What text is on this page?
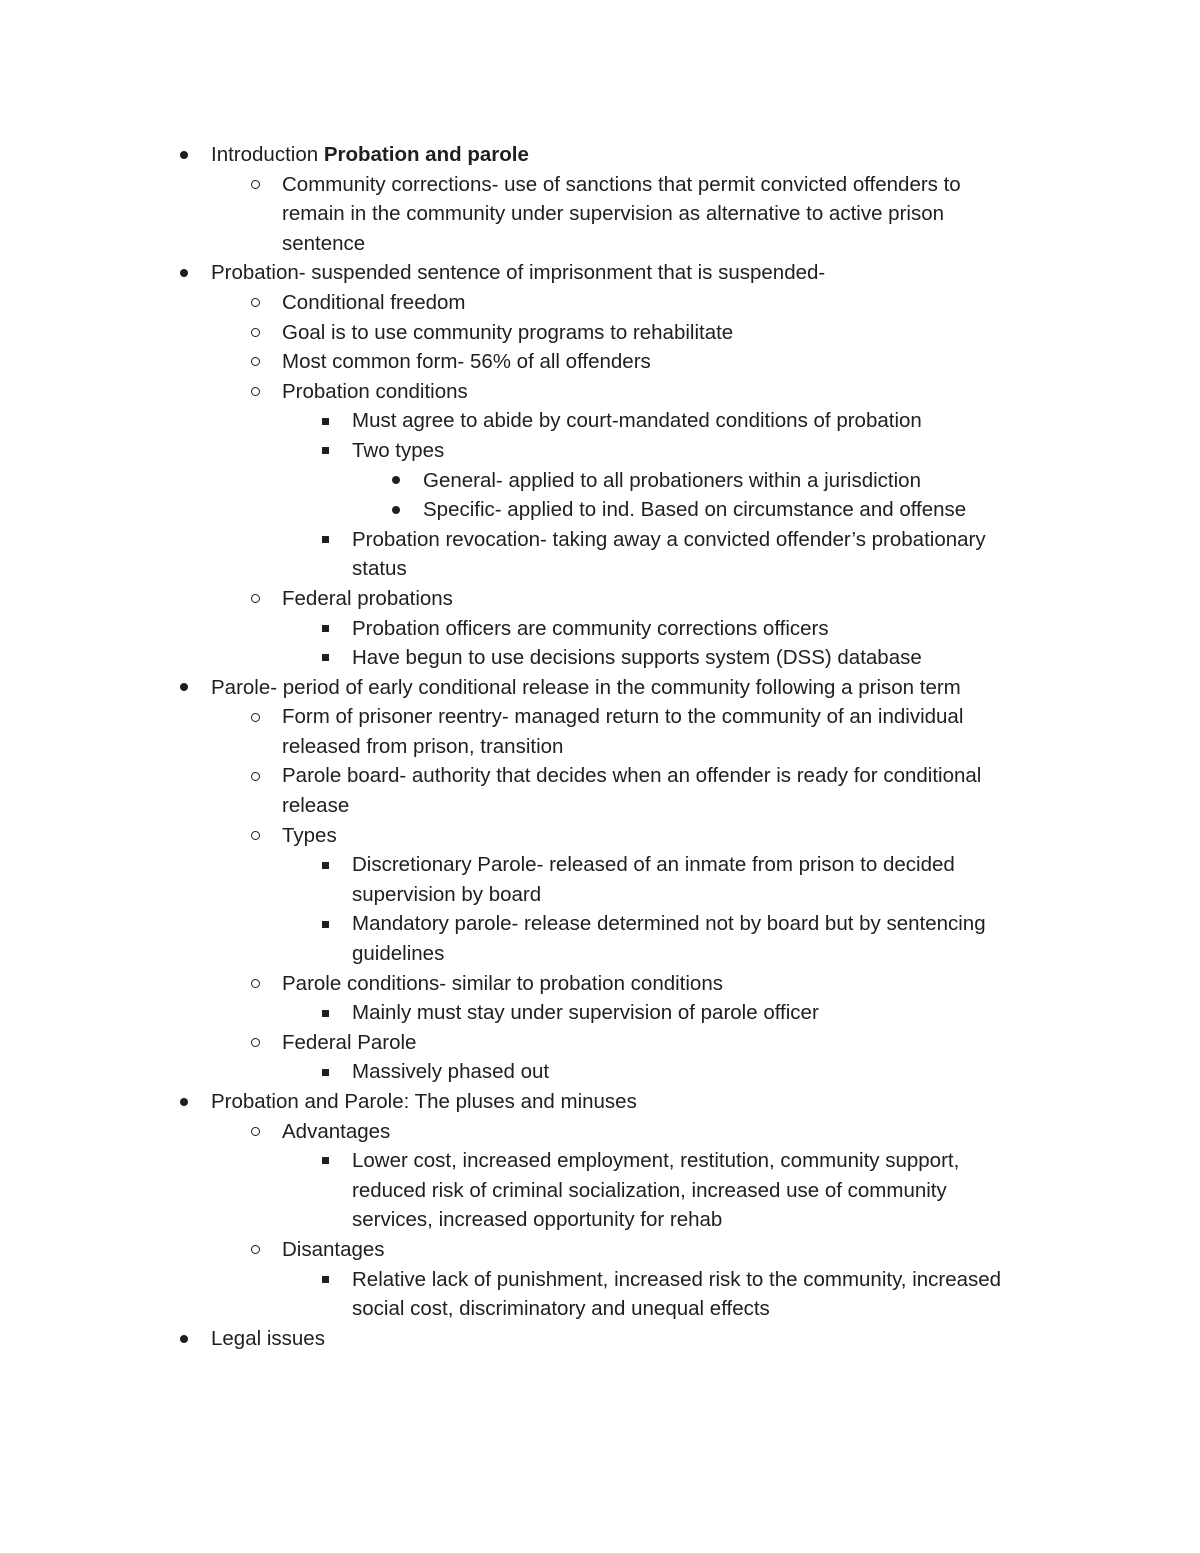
Introduction Probation and parole
Community corrections- use of sanctions that permit convicted offenders to
remain in the community under supervision as alternative to active prison
sentence
Probation- suspended sentence of imprisonment that is suspended-
Conditional freedom
Goal is to use community programs to rehabilitate
Most common form- 56% of all offenders
Probation conditions
Must agree to abide by court-mandated conditions of probation
Two types
General- applied to all probationers within a jurisdiction
Specific- applied to ind. Based on circumstance and offense
Probation revocation- taking away a convicted offender’s probationary
status
Federal probations
Probation officers are community corrections officers
Have begun to use decisions supports system (DSS) database
Parole- period of early conditional release in the community following a prison term
Form of prisoner reentry- managed return to the community of an individual
released from prison, transition
Parole board- authority that decides when an offender is ready for conditional
release
Types
Discretionary Parole- released of an inmate from prison to decided
supervision by board
Mandatory parole- release determined not by board but by sentencing
guidelines
Parole conditions- similar to probation conditions
Mainly must stay under supervision of parole officer
Federal Parole
Massively phased out
Probation and Parole: The pluses and minuses
Advantages
Lower cost, increased employment, restitution, community support,
reduced risk of criminal socialization, increased use of community
services, increased opportunity for rehab
Disantages
Relative lack of punishment, increased risk to the community, increased
social cost, discriminatory and unequal effects
Legal issues
